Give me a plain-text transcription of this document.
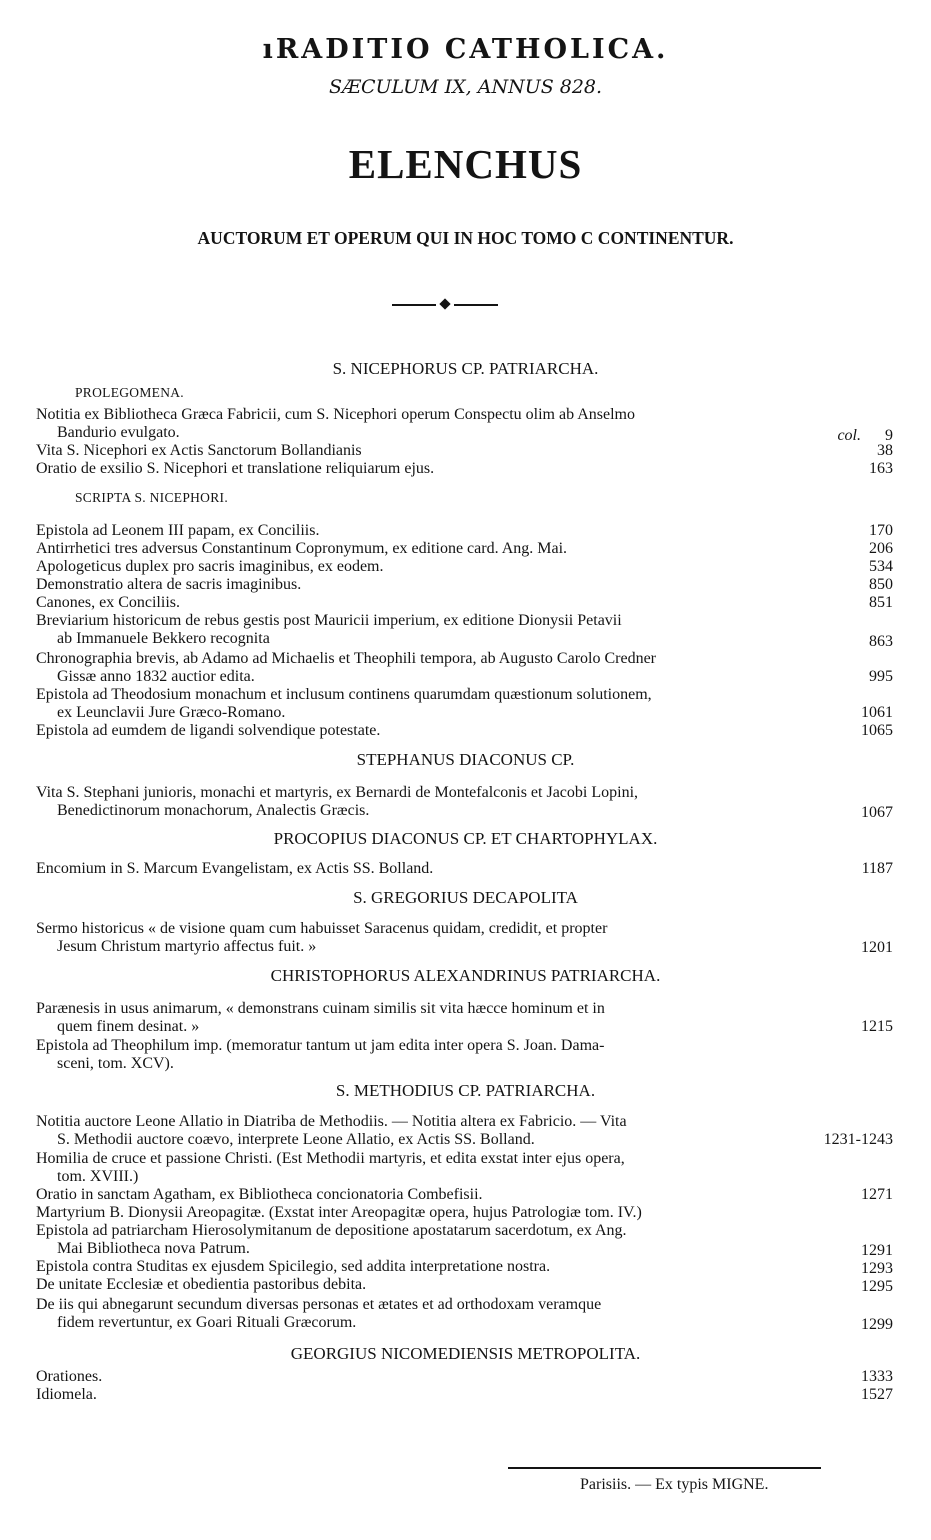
ıRADITIO CATHOLICA.
SÆCULUM IX, ANNUS 828.
ELENCHUS
AUCTORUM ET OPERUM QUI IN HOC TOMO C CONTINENTUR.
S. NICEPHORUS CP. PATRIARCHA.
PROLEGOMENA.
Notitia ex Bibliotheca Græca Fabricii, cum S. Nicephori operum Conspectu olim ab Anselmo
Bandurio evulgato.	col. 9
Vita S. Nicephori ex Actis Sanctorum Bollandianis	38
Oratio de exsilio S. Nicephori et translatione reliquiarum ejus.	163
SCRIPTA S. NICEPHORI.
Epistola ad Leonem III papam, ex Conciliis.	170
Antirrhetici tres adversus Constantinum Copronymum, ex editione card. Ang. Mai.	206
Apologeticus duplex pro sacris imaginibus, ex eodem.	534
Demonstratio altera de sacris imaginibus.	850
Canones, ex Conciliis.	851
Breviarium historicum de rebus gestis post Mauricii imperium, ex editione Dionysii Petavii
ab Immanuele Bekkero recognita	863
Chronographia brevis, ab Adamo ad Michaelis et Theophili tempora, ab Augusto Carolo Credner
Gissæ anno 1832 auctior edita.	995
Epistola ad Theodosium monachum et inclusum continens quarumdam quæstionum solutionem,
ex Leunclavii Jure Græco-Romano.	1061
Epistola ad eumdem de ligandi solvendique potestate.	1065
STEPHANUS DIACONUS CP.
Vita S. Stephani junioris, monachi et martyris, ex Bernardi de Montefalconis et Jacobi Lopini,
Benedictinorum monachorum, Analectis Græcis.	1067
PROCOPIUS DIACONUS CP. ET CHARTOPHYLAX.
Encomium in S. Marcum Evangelistam, ex Actis SS. Bolland.	1187
S. GREGORIUS DECAPOLITA
Sermo historicus « de visione quam cum habuisset Saracenus quidam, credidit, et propter
Jesum Christum martyrio affectus fuit. »	1201
CHRISTOPHORUS ALEXANDRINUS PATRIARCHA.
Parænesis in usus animarum, « demonstrans cuinam similis sit vita hæcce hominum et in
quem finem desinat. »	1215
Epistola ad Theophilum imp. (memoratur tantum ut jam edita inter opera S. Joan. Dama-
sceni, tom. XCV).
S. METHODIUS CP. PATRIARCHA.
Notitia auctore Leone Allatio in Diatriba de Methodiis. — Notitia altera ex Fabricio. — Vita
S. Methodii auctore coævo, interprete Leone Allatio, ex Actis SS. Bolland.	1231-1243
Homilia de cruce et passione Christi. (Est Methodii martyris, et edita exstat inter ejus opera,
tom. XVIII.)
Oratio in sanctam Agatham, ex Bibliotheca concionatoria Combefisii.	1271
Martyrium B. Dionysii Areopagitæ. (Exstat inter Areopagitæ opera, hujus Patrologiæ tom. IV.)
Epistola ad patriarcham Hierosolymitanum de depositione apostatarum sacerdotum, ex Ang.
Mai Bibliotheca nova Patrum.	1291
Epistola contra Studitas ex ejusdem Spicilegio, sed addita interpretatione nostra.	1293
De unitate Ecclesiæ et obedientia pastoribus debita.	1295
De iis qui abnegarunt secundum diversas personas et ætates et ad orthodoxam veramque
fidem revertuntur, ex Goari Rituali Græcorum.	1299
GEORGIUS NICOMEDIENSIS METROPOLITA.
Orationes.	1333
Idiomela.	1527
Parisiis. — Ex typis MIGNE.
